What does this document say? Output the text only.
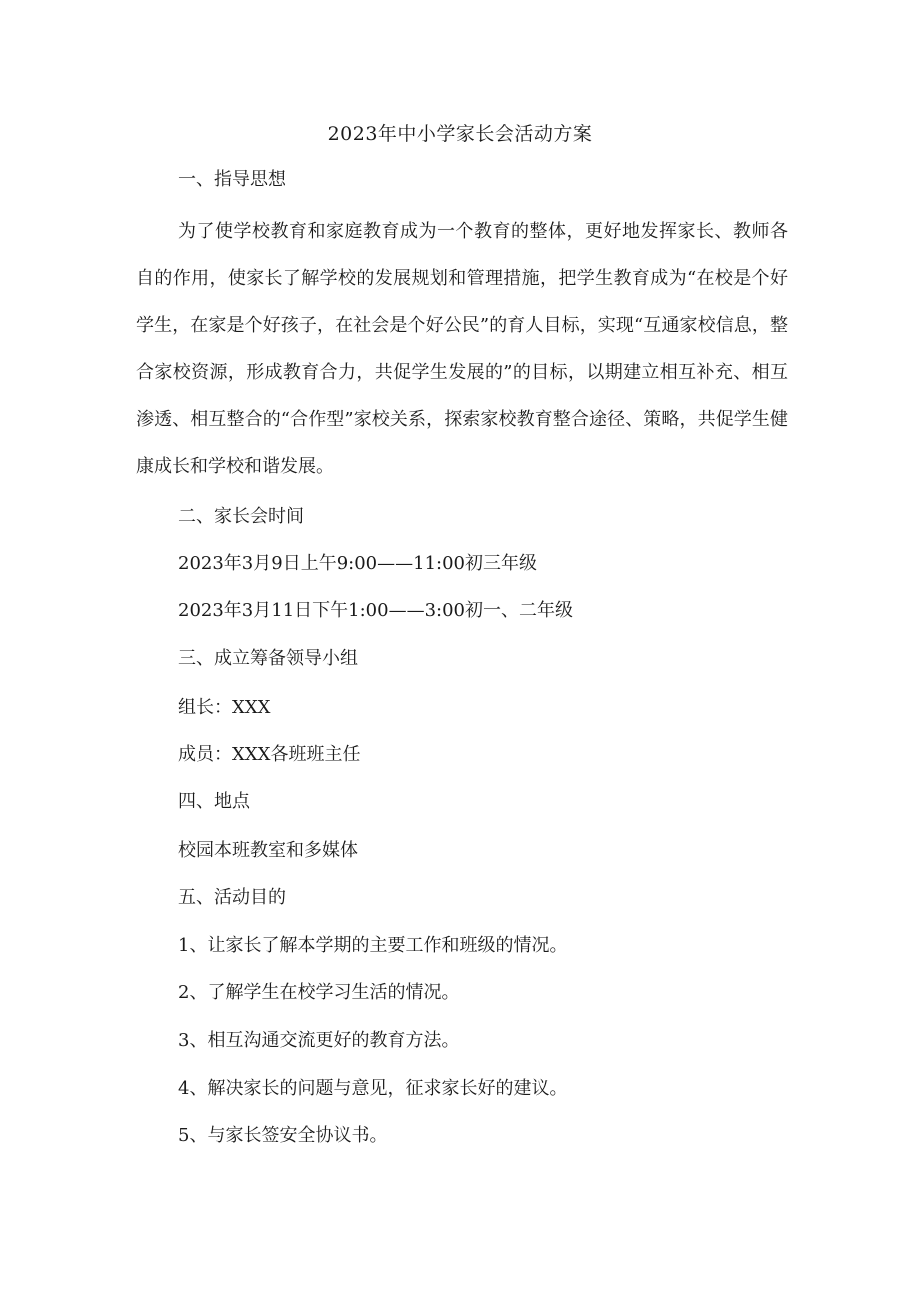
2023年中小学家长会活动方案
一、指导思想
为了使学校教育和家庭教育成为一个教育的整体，更好地发挥家长、教师各自的作用，使家长了解学校的发展规划和管理措施，把学生教育成为“在校是个好学生，在家是个好孩子，在社会是个好公民”的育人目标，实现“互通家校信息，整合家校资源，形成教育合力，共促学生发展的”的目标，以期建立相互补充、相互渗透、相互整合的“合作型”家校关系，探索家校教育整合途径、策略，共促学生健康成长和学校和谐发展。
二、家长会时间
2023年3月9日上午9:00——11:00初三年级
2023年3月11日下午1:00——3:00初一、二年级
三、成立筹备领导小组
组长：XXX
成员：XXX各班班主任
四、地点
校园本班教室和多媒体
五、活动目的
1、让家长了解本学期的主要工作和班级的情况。
2、了解学生在校学习生活的情况。
3、相互沟通交流更好的教育方法。
4、解决家长的问题与意见，征求家长好的建议。
5、与家长签安全协议书。
